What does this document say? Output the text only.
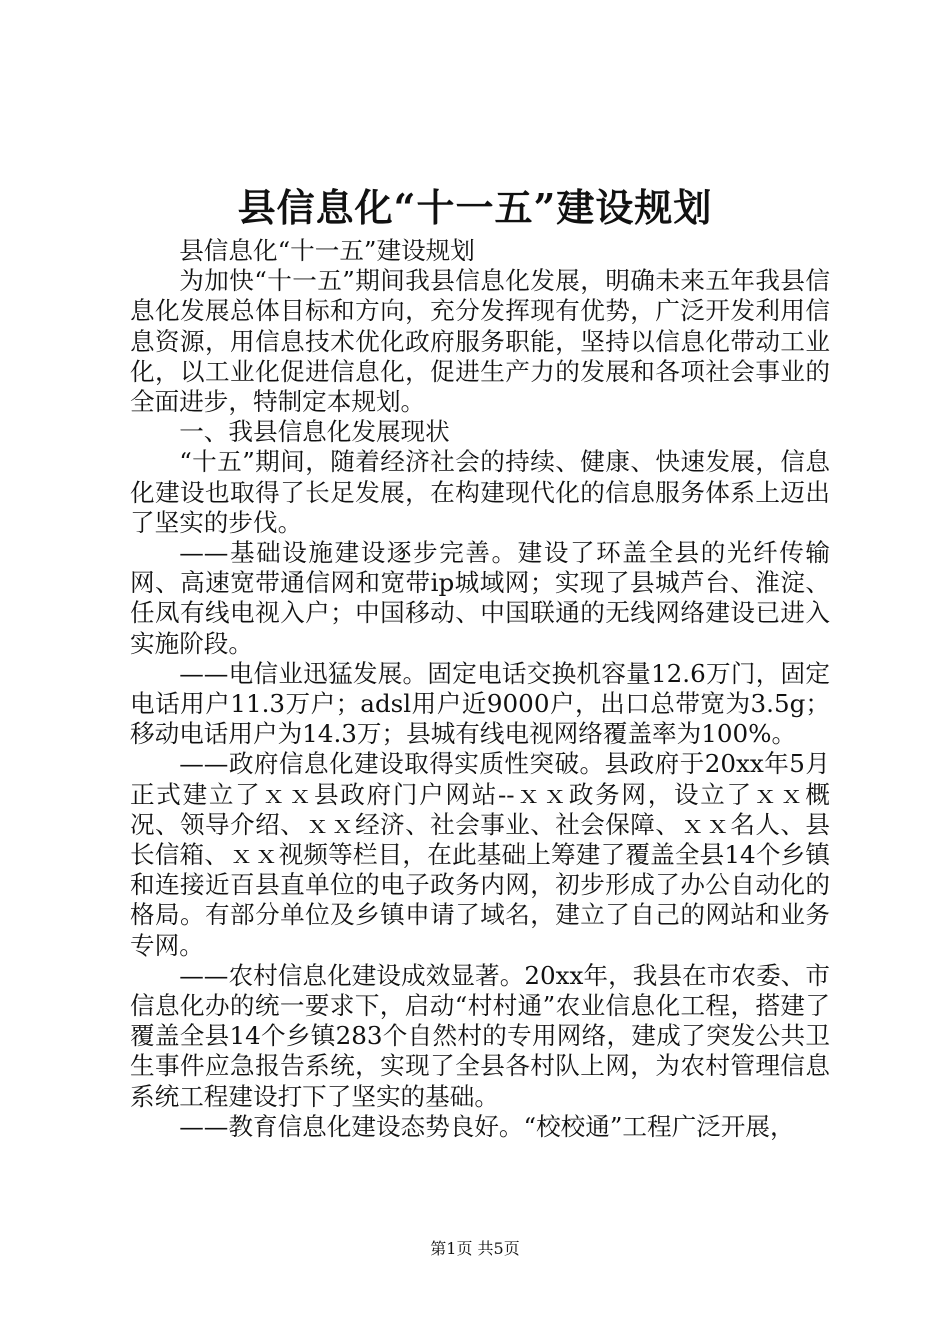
县信息化“十一五”建设规划

县信息化“十一五”建设规划

为加快“十一五”期间我县信息化发展，明确未来五年我县信息化发展总体目标和方向，充分发挥现有优势，广泛开发利用信息资源，用信息技术优化政府服务职能，坚持以信息化带动工业化，以工业化促进信息化，促进生产力的发展和各项社会事业的全面进步，特制定本规划。

一、我县信息化发展现状

“十五”期间，随着经济社会的持续、健康、快速发展，信息化建设也取得了长足发展，在构建现代化的信息服务体系上迈出了坚实的步伐。

——基础设施建设逐步完善。建设了环盖全县的光纤传输网、高速宽带通信网和宽带ip城域网；实现了县城芦台、淮淀、任凤有线电视入户；中国移动、中国联通的无线网络建设已进入实施阶段。

——电信业迅猛发展。固定电话交换机容量12.6万门，固定电话用户11.3万户；adsl用户近9000户，出口总带宽为3.5g；移动电话用户为14.3万；县城有线电视网络覆盖率为100%。

——政府信息化建设取得实质性突破。县政府于20xx年5月正式建立了ｘｘ县政府门户网站--ｘｘ政务网，设立了ｘｘ概况、领导介绍、ｘｘ经济、社会事业、社会保障、ｘｘ名人、县长信箱、ｘｘ视频等栏目，在此基础上筹建了覆盖全县14个乡镇和连接近百县直单位的电子政务内网，初步形成了办公自动化的格局。有部分单位及乡镇申请了域名，建立了自己的网站和业务专网。

——农村信息化建设成效显著。20xx年，我县在市农委、市信息化办的统一要求下，启动“村村通”农业信息化工程，搭建了覆盖全县14个乡镇283个自然村的专用网络，建成了突发公共卫生事件应急报告系统，实现了全县各村队上网，为农村管理信息系统工程建设打下了坚实的基础。

——教育信息化建设态势良好。“校校通”工程广泛开展，

第1页 共5页
